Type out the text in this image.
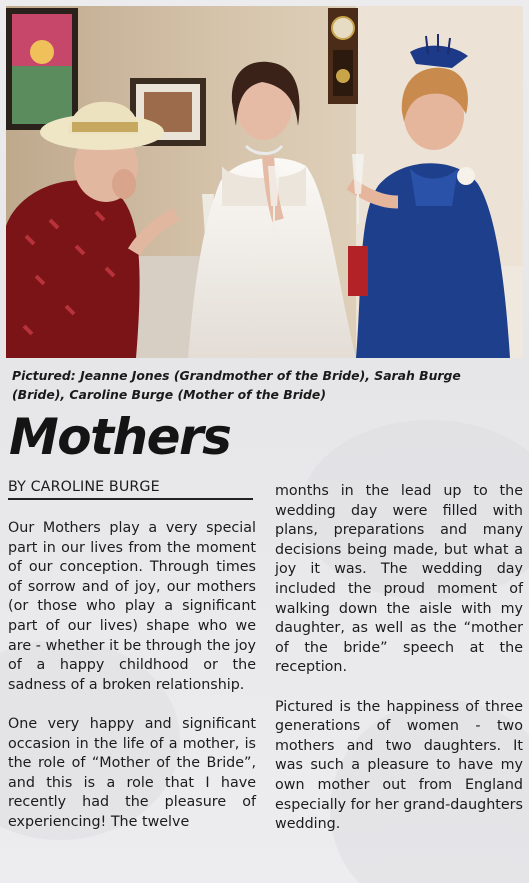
Pictured: Jeanne Jones (Grandmother of the Bride), Sarah Burge (Bride), Caroline Burge (Mother of the Bride)
Mothers
BY CAROLINE BURGE

Our Mothers play a very special part in our lives from the moment of our conception. Through times of sorrow and of joy, our mothers (or those who play a significant part of our lives) shape who we are - whether it be through the joy of a happy childhood or the sadness of a broken relationship.

One very happy and significant occasion in the life of a mother, is the role of “Mother of the Bride”, and this is a role that I have recently had the pleasure of experiencing! The twelve

months in the lead up to the wedding day were filled with plans, preparations and many decisions being made, but what a joy it was. The wedding day included the proud moment of walking down the aisle with my daughter, as well as the “mother of the bride” speech at the reception.

Pictured is the happiness of three generations of women - two mothers and two daughters. It was such a pleasure to have my own mother out from England especially for her grand-daughters wedding.
